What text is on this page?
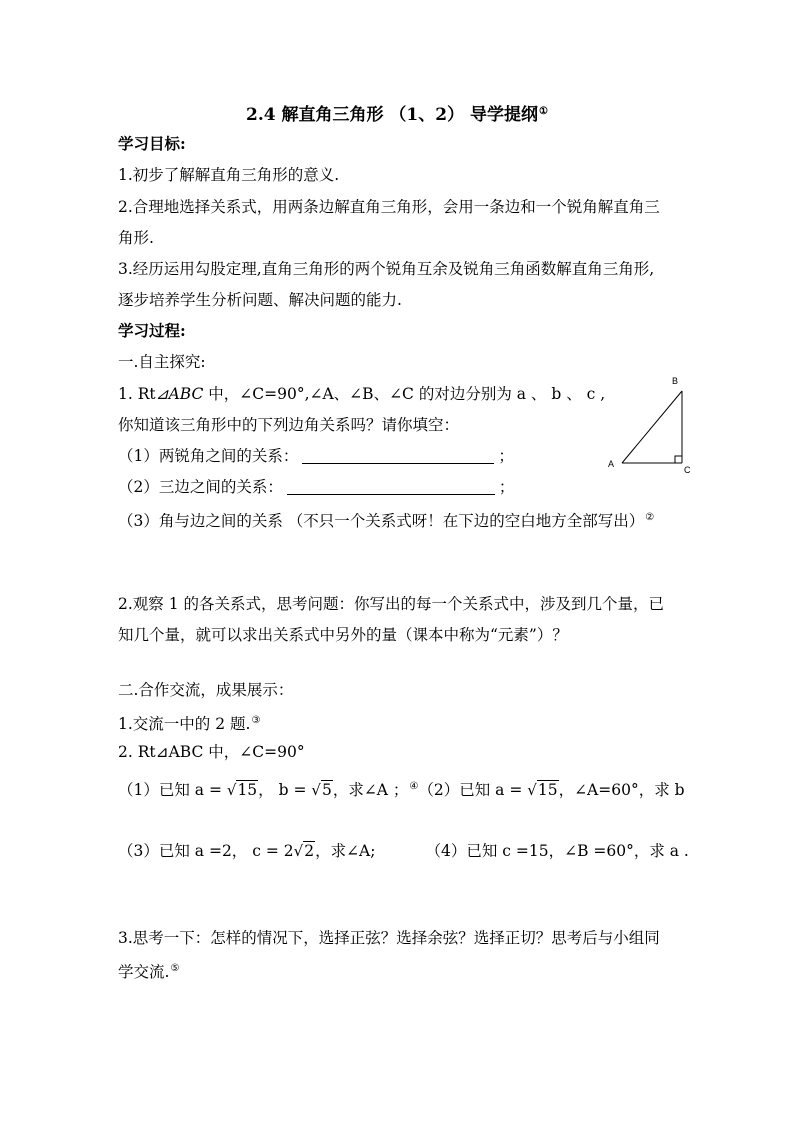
2.4 解直角三角形 （1、2） 导学提纲①
学习目标:
1.初步了解解直角三角形的意义.
2.合理地选择关系式，用两条边解直角三角形，会用一条边和一个锐角解直角三
角形.
3.经历运用勾股定理,直角三角形的两个锐角互余及锐角三角函数解直角三角形,
逐步培养学生分析问题、解决问题的能力.
学习过程:
一.自主探究:
1. Rt⊿ABC 中，∠C=90°,∠A、∠B、∠C 的对边分别为 a 、 b 、 c ,
你知道该三角形中的下列边角关系吗？请你填空：
（1）两锐角之间的关系：	；
（2）三边之间的关系：	；
（3）角与边之间的关系 （不只一个关系式呀！在下边的空白地方全部写出）②
A
B
C
2.观察 1 的各关系式，思考问题：你写出的每一个关系式中，涉及到几个量，已
知几个量，就可以求出关系式中另外的量（课本中称为“元素”）？
二.合作交流，成果展示：
1.交流一中的 2 题.③
2. Rt⊿ABC 中，∠C=90°
（1）已知 a = √15， b = √5，求∠A ；④（2）已知 a = √15，∠A=60°，求 b
（3）已知 a =2， c = 2√2，求∠A;	（4）已知 c =15，∠B =60°，求 a .
3.思考一下：怎样的情况下，选择正弦？选择余弦？选择正切？思考后与小组同
学交流.⑤
